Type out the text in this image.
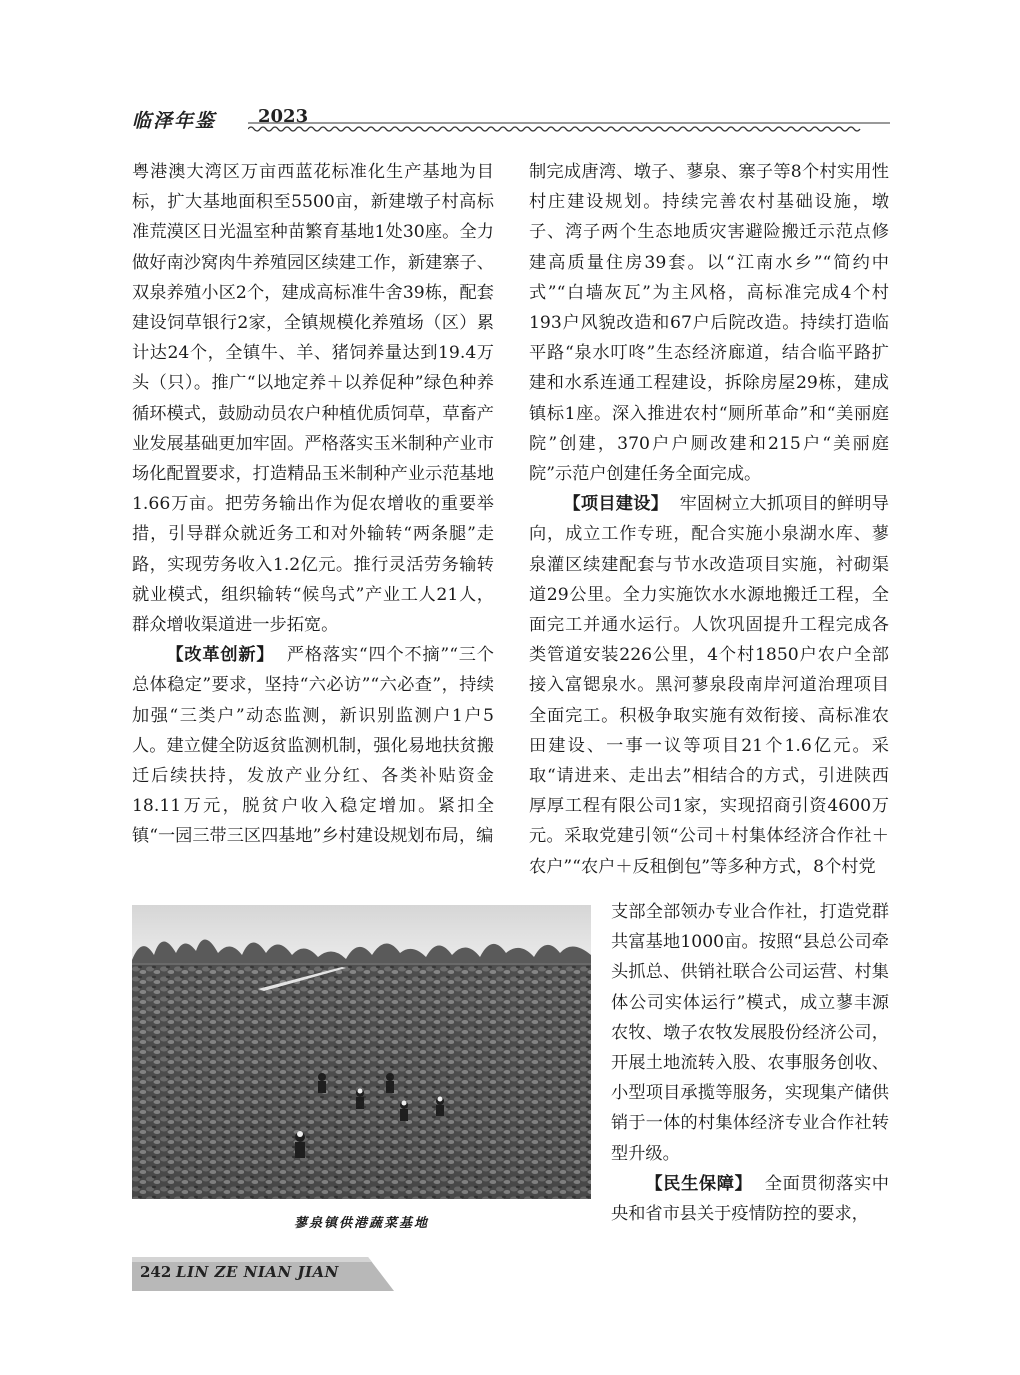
临泽年鉴 2023

粤港澳大湾区万亩西蓝花标准化生产基地为目标，扩大基地面积至5500亩，新建墩子村高标准荒漠区日光温室种苗繁育基地1处30座。全力做好南沙窝肉牛养殖园区续建工作，新建寨子、双泉养殖小区2个，建成高标准牛舍39栋，配套建设饲草银行2家，全镇规模化养殖场（区）累计达24个，全镇牛、羊、猪饲养量达到19.4万头（只）。推广“以地定养＋以养促种”绿色种养循环模式，鼓励动员农户种植优质饲草，草畜产业发展基础更加牢固。严格落实玉米制种产业市场化配置要求，打造精品玉米制种产业示范基地1.66万亩。把劳务输出作为促农增收的重要举措，引导群众就近务工和对外输转“两条腿”走路，实现劳务收入1.2亿元。推行灵活劳务输转就业模式，组织输转“候鸟式”产业工人21人，群众增收渠道进一步拓宽。

【改革创新】 严格落实“四个不摘”“三个总体稳定”要求，坚持“六必访”“六必查”，持续加强“三类户”动态监测，新识别监测户1户5人。建立健全防返贫监测机制，强化易地扶贫搬迁后续扶持，发放产业分红、各类补贴资金18.11万元，脱贫户收入稳定增加。紧扣全镇“一园三带三区四基地”乡村建设规划布局，编

制完成唐湾、墩子、蓼泉、寨子等8个村实用性村庄建设规划。持续完善农村基础设施，墩子、湾子两个生态地质灾害避险搬迁示范点修建高质量住房39套。以“江南水乡”“简约中式”“白墙灰瓦”为主风格，高标准完成4个村193户风貌改造和67户后院改造。持续打造临平路“泉水叮咚”生态经济廊道，结合临平路扩建和水系连通工程建设，拆除房屋29栋，建成镇标1座。深入推进农村“厕所革命”和“美丽庭院”创建，370户户厕改建和215户“美丽庭院”示范户创建任务全面完成。

【项目建设】 牢固树立大抓项目的鲜明导向，成立工作专班，配合实施小泉湖水库、蓼泉灌区续建配套与节水改造项目实施，衬砌渠道29公里。全力实施饮水水源地搬迁工程，全面完工并通水运行。人饮巩固提升工程完成各类管道安装226公里，4个村1850户农户全部接入富锶泉水。黑河蓼泉段南岸河道治理项目全面完工。积极争取实施有效衔接、高标准农田建设、一事一议等项目21个1.6亿元。采取“请进来、走出去”相结合的方式，引进陕西厚厚工程有限公司1家，实现招商引资4600万元。采取党建引领“公司＋村集体经济合作社＋农户”“农户＋反租倒包”等多种方式，8个村党

支部全部领办专业合作社，打造党群共富基地1000亩。按照“县总公司牵头抓总、供销社联合公司运营、村集体公司实体运行”模式，成立蓼丰源农牧、墩子农牧发展股份经济公司，开展土地流转入股、农事服务创收、小型项目承揽等服务，实现集产储供销于一体的村集体经济专业合作社转型升级。

【民生保障】 全面贯彻落实中央和省市县关于疫情防控的要求，

蓼泉镇供港蔬菜基地
242 LIN ZE NIAN JIAN
